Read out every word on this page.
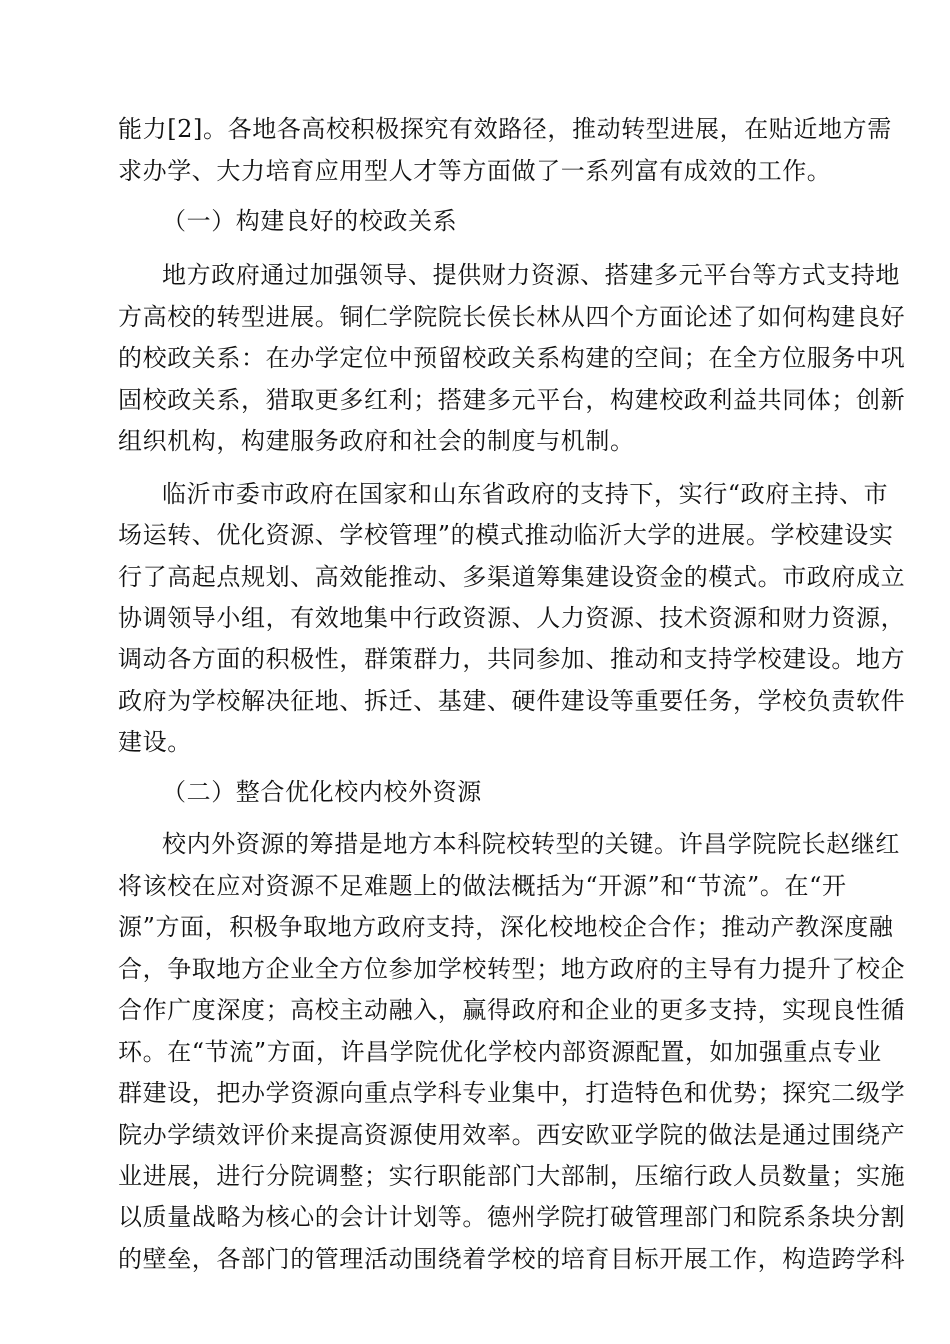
能力[2]。各地各高校积极探究有效路径，推动转型进展，在贴近地方需
求办学、大力培育应用型人才等方面做了一系列富有成效的工作。
（一）构建良好的校政关系
地方政府通过加强领导、提供财力资源、搭建多元平台等方式支持地
方高校的转型进展。铜仁学院院长侯长林从四个方面论述了如何构建良好
的校政关系：在办学定位中预留校政关系构建的空间；在全方位服务中巩
固校政关系，猎取更多红利；搭建多元平台，构建校政利益共同体；创新
组织机构，构建服务政府和社会的制度与机制。
临沂市委市政府在国家和山东省政府的支持下，实行“政府主持、市
场运转、优化资源、学校管理”的模式推动临沂大学的进展。学校建设实
行了高起点规划、高效能推动、多渠道筹集建设资金的模式。市政府成立
协调领导小组，有效地集中行政资源、人力资源、技术资源和财力资源，
调动各方面的积极性，群策群力，共同参加、推动和支持学校建设。地方
政府为学校解决征地、拆迁、基建、硬件建设等重要任务，学校负责软件
建设。
（二）整合优化校内校外资源
校内外资源的筹措是地方本科院校转型的关键。许昌学院院长赵继红
将该校在应对资源不足难题上的做法概括为“开源”和“节流”。在“开
源”方面，积极争取地方政府支持，深化校地校企合作；推动产教深度融
合，争取地方企业全方位参加学校转型；地方政府的主导有力提升了校企
合作广度深度；高校主动融入，赢得政府和企业的更多支持，实现良性循
环。在“节流”方面，许昌学院优化学校内部资源配置，如加强重点专业
群建设，把办学资源向重点学科专业集中，打造特色和优势；探究二级学
院办学绩效评价来提高资源使用效率。西安欧亚学院的做法是通过围绕产
业进展，进行分院调整；实行职能部门大部制，压缩行政人员数量；实施
以质量战略为核心的会计计划等。德州学院打破管理部门和院系条块分割
的壁垒，各部门的管理活动围绕着学校的培育目标开展工作，构造跨学科
